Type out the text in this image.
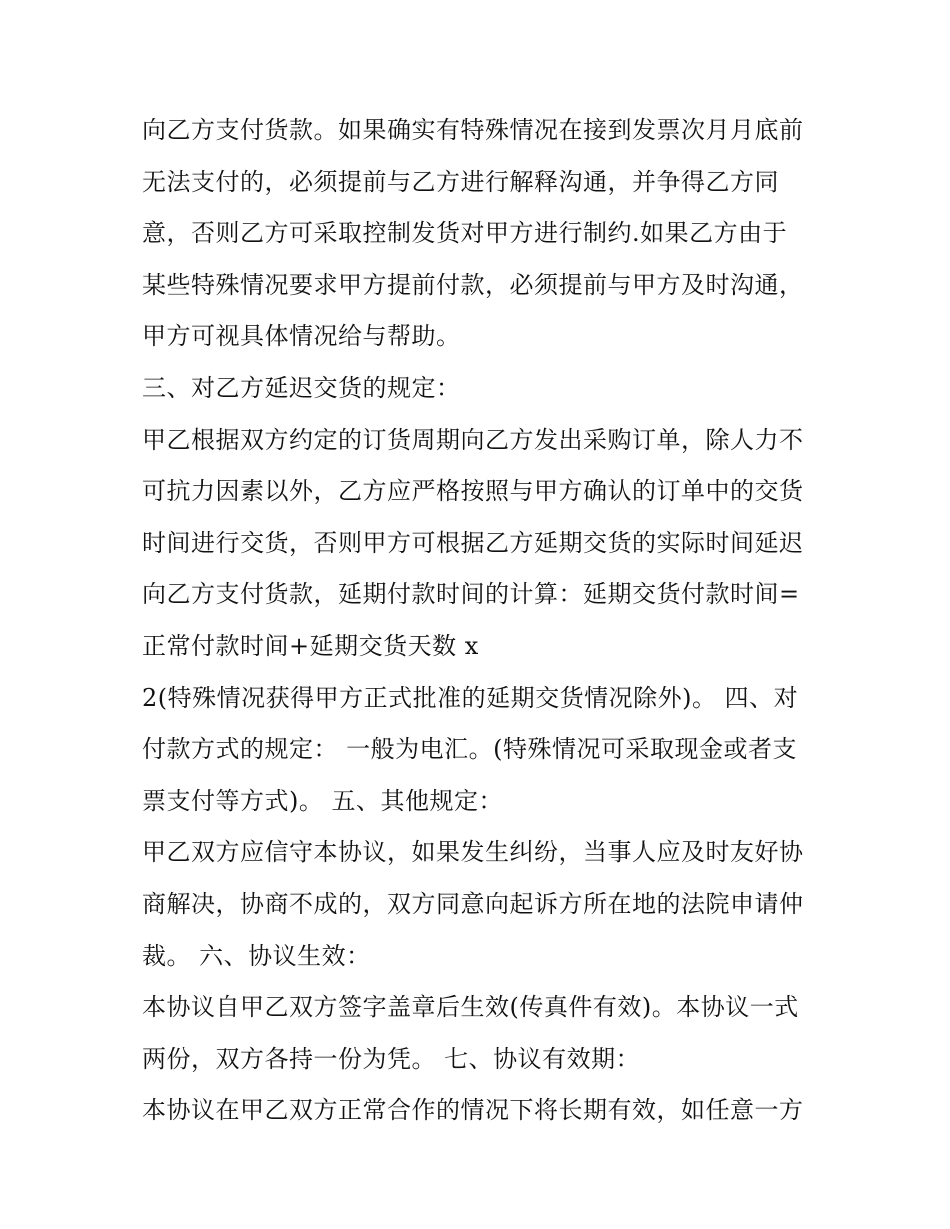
向乙方支付货款。如果确实有特殊情况在接到发票次月月底前
无法支付的，必须提前与乙方进行解释沟通，并争得乙方同
意，否则乙方可采取控制发货对甲方进行制约.如果乙方由于
某些特殊情况要求甲方提前付款，必须提前与甲方及时沟通，
甲方可视具体情况给与帮助。
三、对乙方延迟交货的规定：
甲乙根据双方约定的订货周期向乙方发出采购订单，除人力不
可抗力因素以外，乙方应严格按照与甲方确认的订单中的交货
时间进行交货，否则甲方可根据乙方延期交货的实际时间延迟
向乙方支付货款，延期付款时间的计算：延期交货付款时间=
正常付款时间+延期交货天数 x
2(特殊情况获得甲方正式批准的延期交货情况除外)。 四、对
付款方式的规定： 一般为电汇。(特殊情况可采取现金或者支
票支付等方式)。 五、其他规定：
甲乙双方应信守本协议，如果发生纠纷，当事人应及时友好协
商解决，协商不成的，双方同意向起诉方所在地的法院申请仲
裁。 六、协议生效：
本协议自甲乙双方签字盖章后生效(传真件有效)。本协议一式
两份，双方各持一份为凭。 七、协议有效期：
本协议在甲乙双方正常合作的情况下将长期有效，如任意一方
